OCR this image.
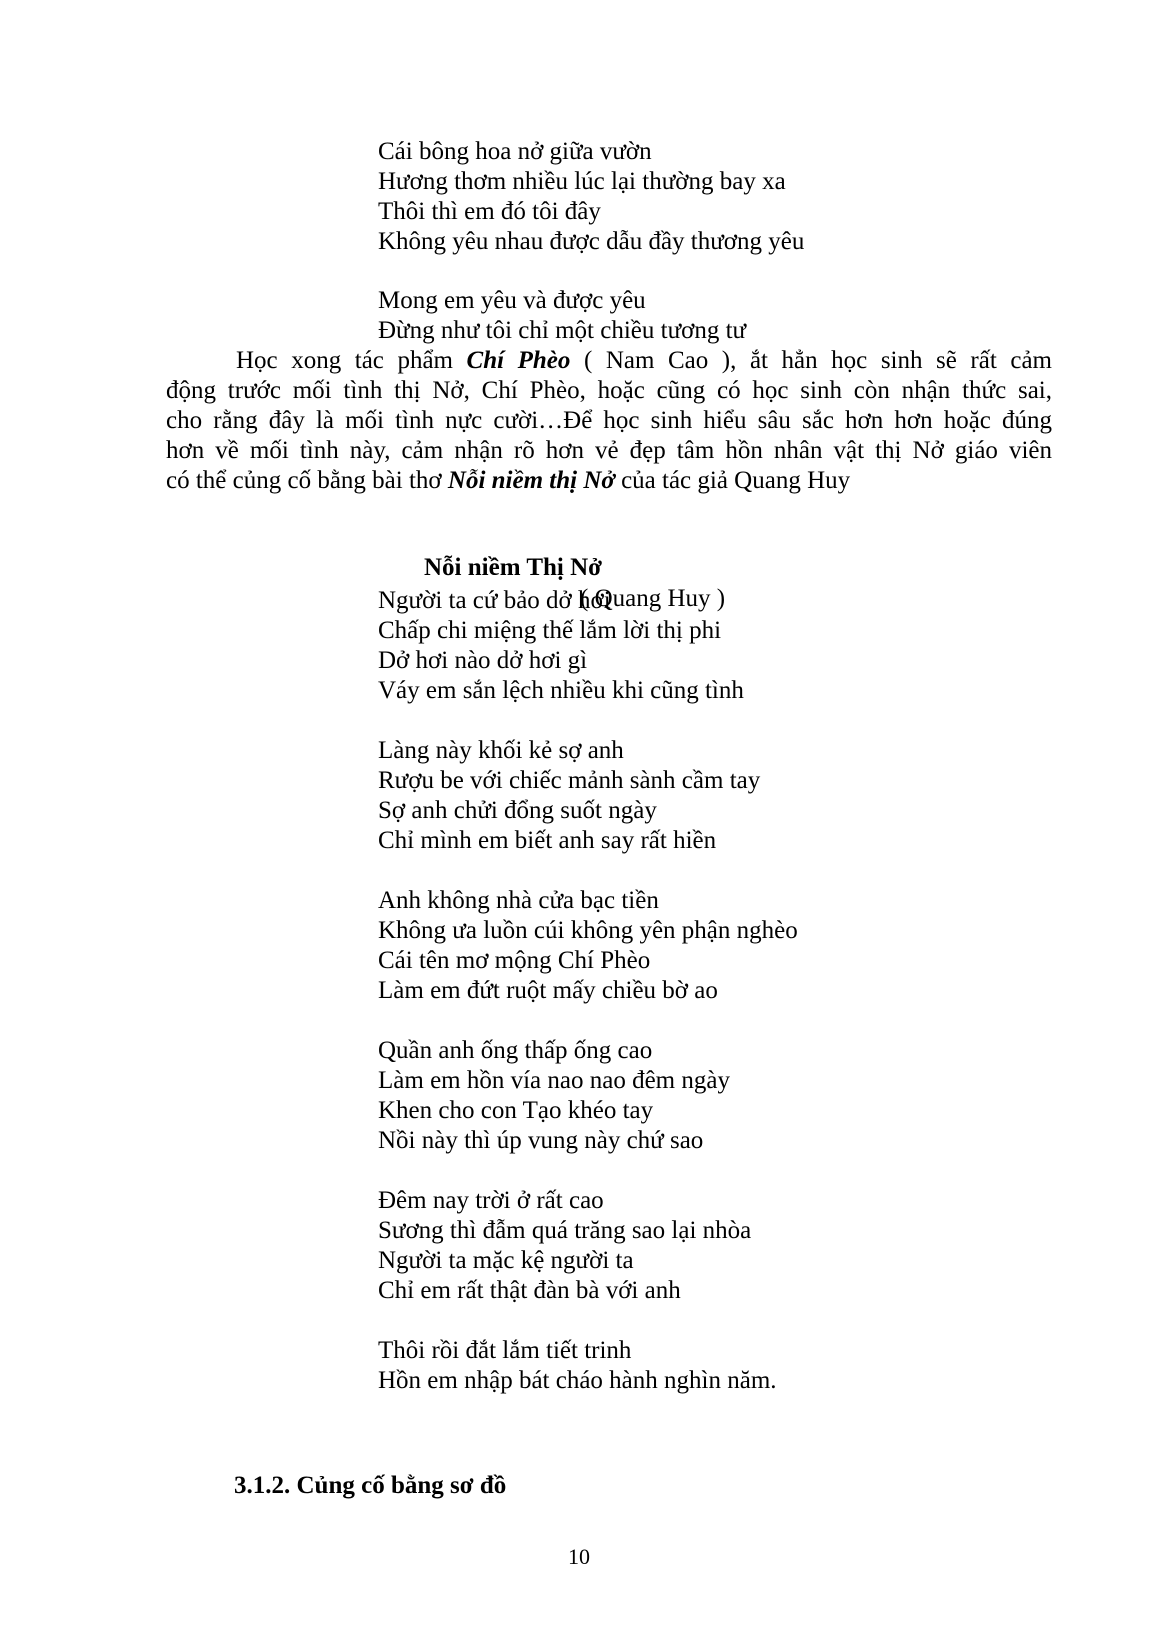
Cái bông hoa nở giữa vườn
Hương thơm nhiều lúc lại thường bay xa
Thôi thì em đó tôi đây
Không yêu nhau được dẫu đầy thương yêu
Mong em yêu và được yêu
Đừng như tôi chỉ một chiều tương tư
Học xong tác phẩm Chí Phèo ( Nam Cao ), ắt hẳn học sinh sẽ rất cảm
động trước mối tình thị Nở, Chí Phèo, hoặc cũng có học sinh còn nhận thức sai,
cho rằng đây là mối tình nực cười…Để học sinh hiểu sâu sắc hơn hơn hoặc đúng
hơn về mối tình này, cảm nhận rõ hơn vẻ đẹp tâm hồn nhân vật thị Nở giáo viên
có thể củng cố bằng bài thơ Nỗi niềm thị Nở của tác giả Quang Huy
Nỗi niềm Thị Nở
( Quang Huy )
Người ta cứ bảo dở hơi
Chấp chi miệng thế lắm lời thị phi
Dở hơi nào dở hơi gì
Váy em sắn lệch nhiều khi cũng tình
Làng này khối kẻ sợ anh
Rượu be với chiếc mảnh sành cầm tay
Sợ anh chửi đổng suốt ngày
Chỉ mình em biết anh say rất hiền
Anh không nhà cửa bạc tiền
Không ưa luồn cúi không yên phận nghèo
Cái tên mơ mộng Chí Phèo
Làm em đứt ruột mấy chiều bờ ao
Quần anh ống thấp ống cao
Làm em hồn vía nao nao đêm ngày
Khen cho con Tạo khéo tay
Nồi này thì úp vung này chứ sao
Đêm nay trời ở rất cao
Sương thì đẫm quá trăng sao lại nhòa
Người ta mặc kệ người ta
Chỉ em rất thật đàn bà với anh
Thôi rồi đắt lắm tiết trinh
Hồn em nhập bát cháo hành nghìn năm.
3.1.2. Củng cố bằng sơ đồ
10
